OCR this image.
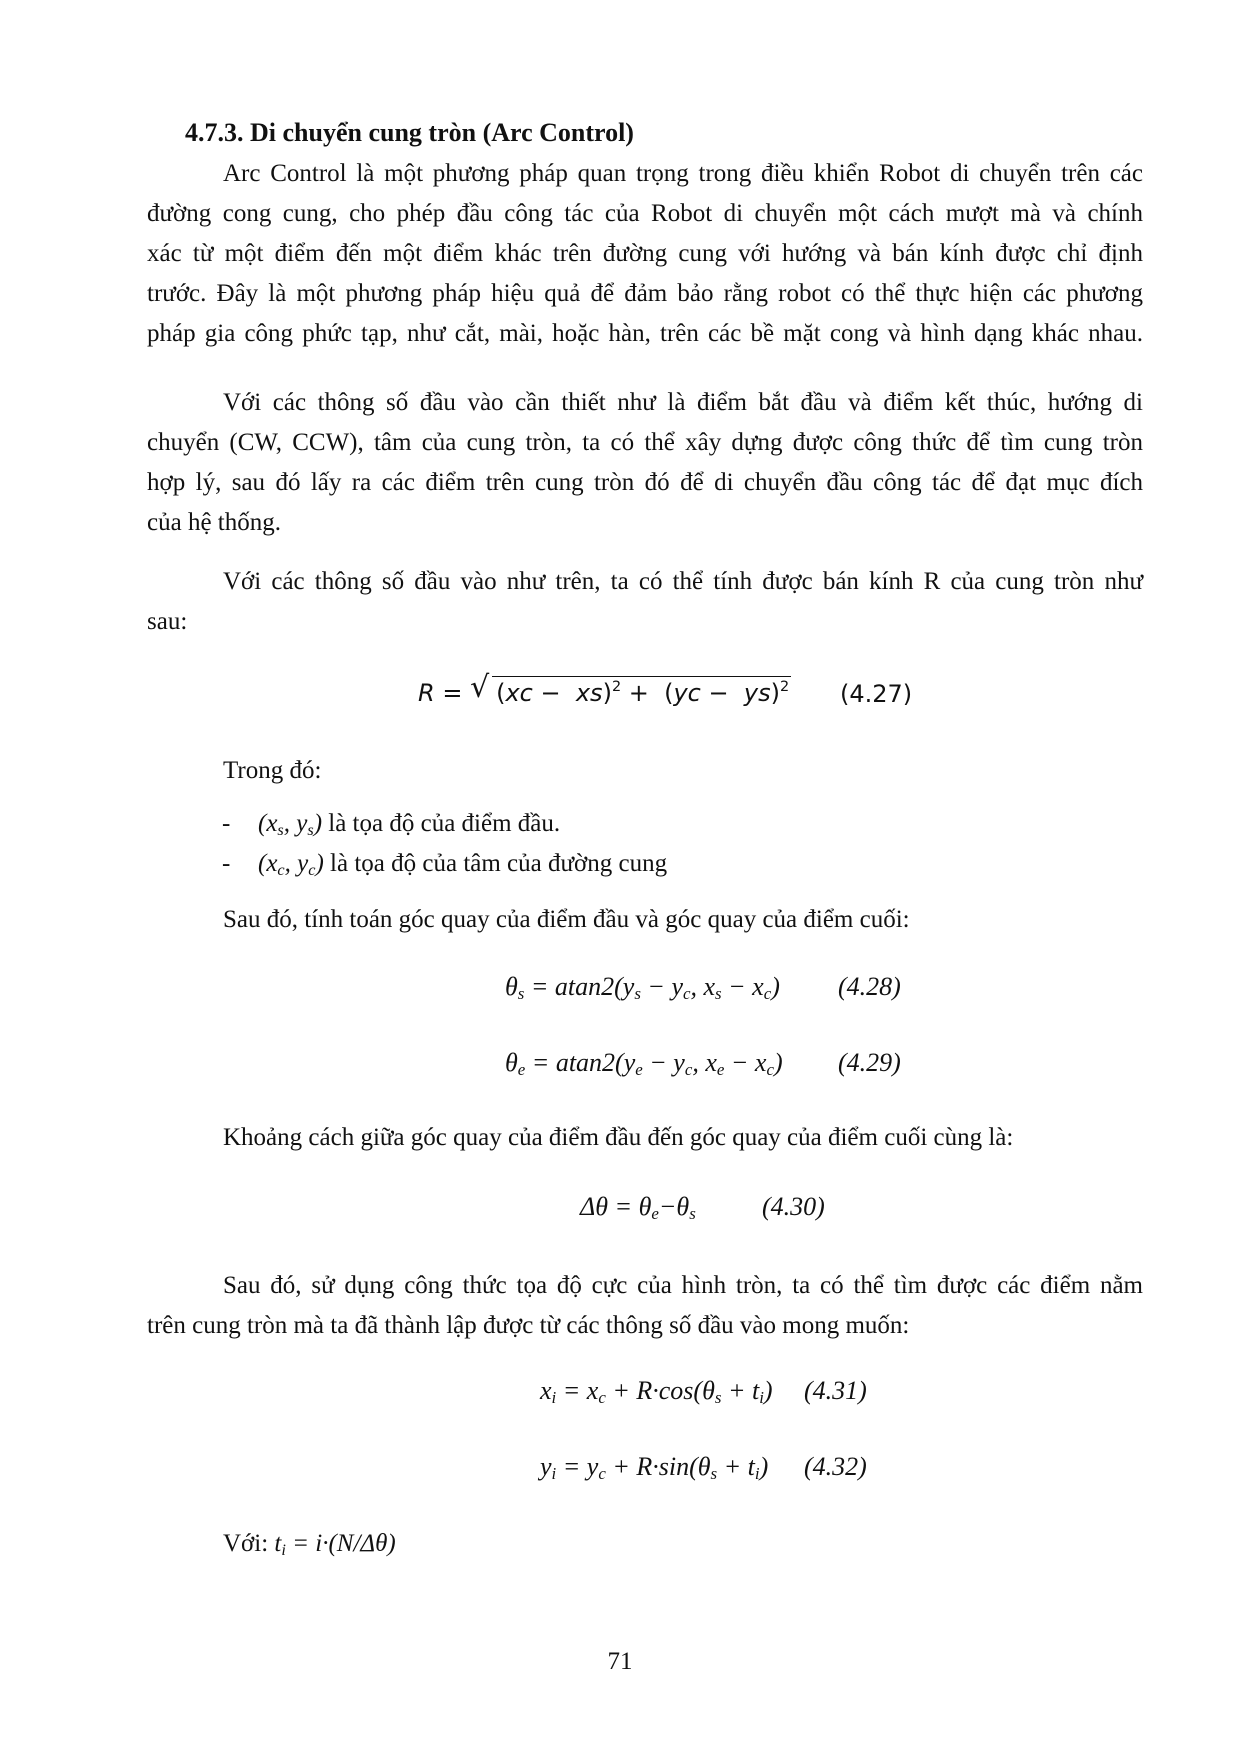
4.7.3. Di chuyển cung tròn (Arc Control)
Arc Control là một phương pháp quan trọng trong điều khiển Robot di chuyển trên các
đường cong cung, cho phép đầu công tác của Robot di chuyển một cách mượt mà và chính
xác từ một điểm đến một điểm khác trên đường cung với hướng và bán kính được chỉ định
trước. Đây là một phương pháp hiệu quả để đảm bảo rằng robot có thể thực hiện các phương
pháp gia công phức tạp, như cắt, mài, hoặc hàn, trên các bề mặt cong và hình dạng khác nhau.
Với các thông số đầu vào cần thiết như là điểm bắt đầu và điểm kết thúc, hướng di
chuyển (CW, CCW), tâm của cung tròn, ta có thể xây dựng được công thức để tìm cung tròn
hợp lý, sau đó lấy ra các điểm trên cung tròn đó để di chuyển đầu công tác để đạt mục đích
của hệ thống.
Với các thông số đầu vào như trên, ta có thể tính được bán kính R của cung tròn như
sau:
R = √ (xc −  xs)$^2$ +  (yc −  ys)$^2$ (4.27)
Trong đó:
- ($x_s$, $y_s$) là tọa độ của điểm đầu.
- ($x_c$, $y_c$) là tọa độ của tâm của đường cung
Sau đó, tính toán góc quay của điểm đầu và góc quay của điểm cuối:
$\theta_s = atan2(y_s - y_c$, $x_s - x_c$) (4.28)
$\theta_e = atan2(y_e - y_c$, $x_e - x_c$) (4.29)
Khoảng cách giữa góc quay của điểm đầu đến góc quay của điểm cuối cùng là:
$\Delta\theta = \theta_e-\theta_s$	(4.30)
Sau đó, sử dụng công thức tọa độ cực của hình tròn, ta có thể tìm được các điểm nằm
trên cung tròn mà ta đã thành lập được từ các thông số đầu vào mong muốn:
$x_i = x_c + R\cdot\cos(\theta_s + t_i)$ (4.31)
$y_i = y_c + R\cdot\sin(\theta_s + t_i)$ (4.32)
Với: $t_i = i\cdot(N/\Delta\theta)$
71
